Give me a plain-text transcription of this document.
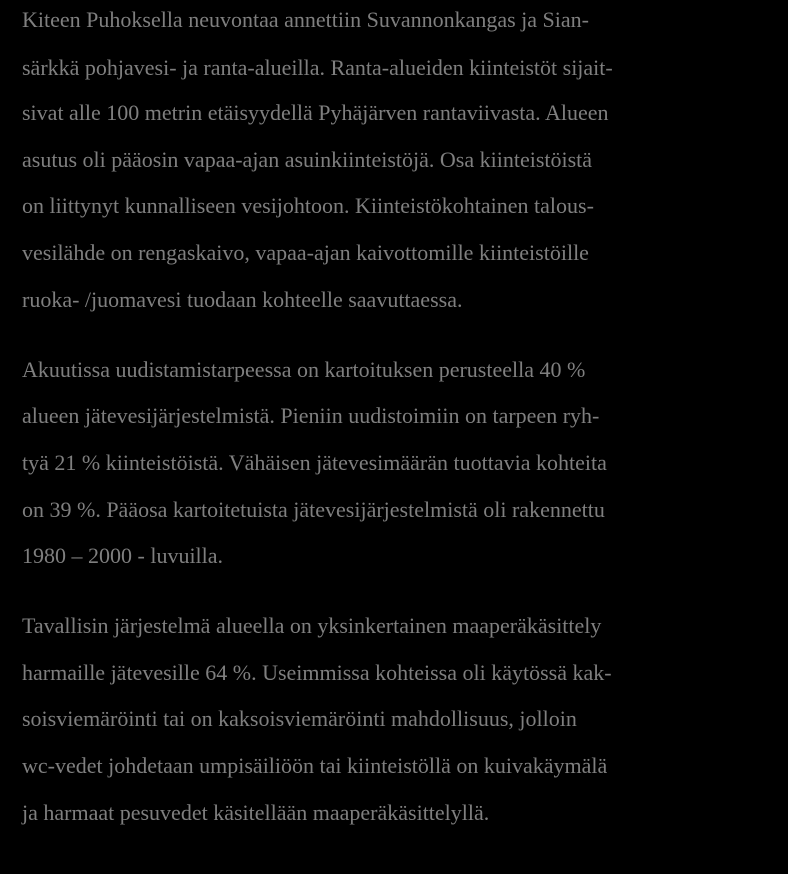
Kiteen Puhoksella neuvontaa annettiin Suvannonkangas ja Sian-

särkkä pohjavesi- ja ranta-alueilla. Ranta-alueiden kiinteistöt sijait-

sivat alle 100 metrin etäisyydellä Pyhäjärven rantaviivasta. Alueen

asutus oli pääosin vapaa-ajan asuinkiinteistöjä. Osa kiinteistöistä

on liittynyt kunnalliseen vesijohtoon. Kiinteistökohtainen talous-

vesilähde on rengaskaivo, vapaa-ajan kaivottomille kiinteistöille

ruoka- /juomavesi tuodaan kohteelle saavuttaessa.

Akuutissa uudistamistarpeessa on kartoituksen perusteella 40 %

alueen jätevesijärjestelmistä. Pieniin uudistoimiin on tarpeen ryh-

tyä 21 % kiinteistöistä. Vähäisen jätevesimäärän tuottavia kohteita

on 39 %. Pääosa kartoitetuista jätevesijärjestelmistä oli rakennettu

1980 – 2000 - luvuilla.

Tavallisin järjestelmä alueella on yksinkertainen maaperäkäsittely

harmaille jätevesille 64 %. Useimmissa kohteissa oli käytössä kak-

soisviemäröinti tai on kaksoisviemäröinti mahdollisuus, jolloin

wc-vedet johdetaan umpisäiliöön tai kiinteistöllä on kuivakäymälä

ja harmaat pesuvedet käsitellään maaperäkäsittelyllä.
